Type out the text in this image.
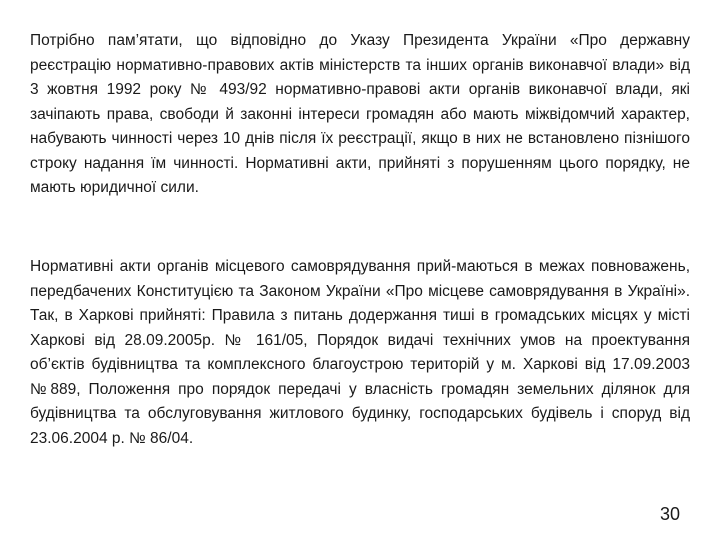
Потрібно пам’ятати, що відповідно до Указу Президента України «Про державну реєстрацію нормативно-правових актів міністерств та інших органів виконавчої влади» від 3 жовтня 1992 року № 493/92 нормативно-правові акти органів виконавчої влади, які зачіпають права, свободи й законні інтереси громадян або мають міжвідомчий характер, набувають чинності через 10 днів після їх реєстрації, якщо в них не встановлено пізнішого строку надання їм чинності. Нормативні акти, прийняті з порушенням цього порядку, не мають юридичної сили.

Нормативні акти органів місцевого самоврядування прий-маються в межах повноважень, передбачених Конституцією та Законом України «Про місцеве самоврядування в Україні». Так, в Харкові прийняті: Правила з питань додержання тиші в громадських місцях у місті Харкові від 28.09.2005р. № 161/05, Порядок видачі технічних умов на проектування об’єктів будівництва та комплексного благоустрою територій у м. Харкові від 17.09.2003 №889, Положення про порядок передачі у власність громадян земельних ділянок для будівництва та обслуговування житлового будинку, господарських будівель і споруд від 23.06.2004 р. № 86/04.

30
